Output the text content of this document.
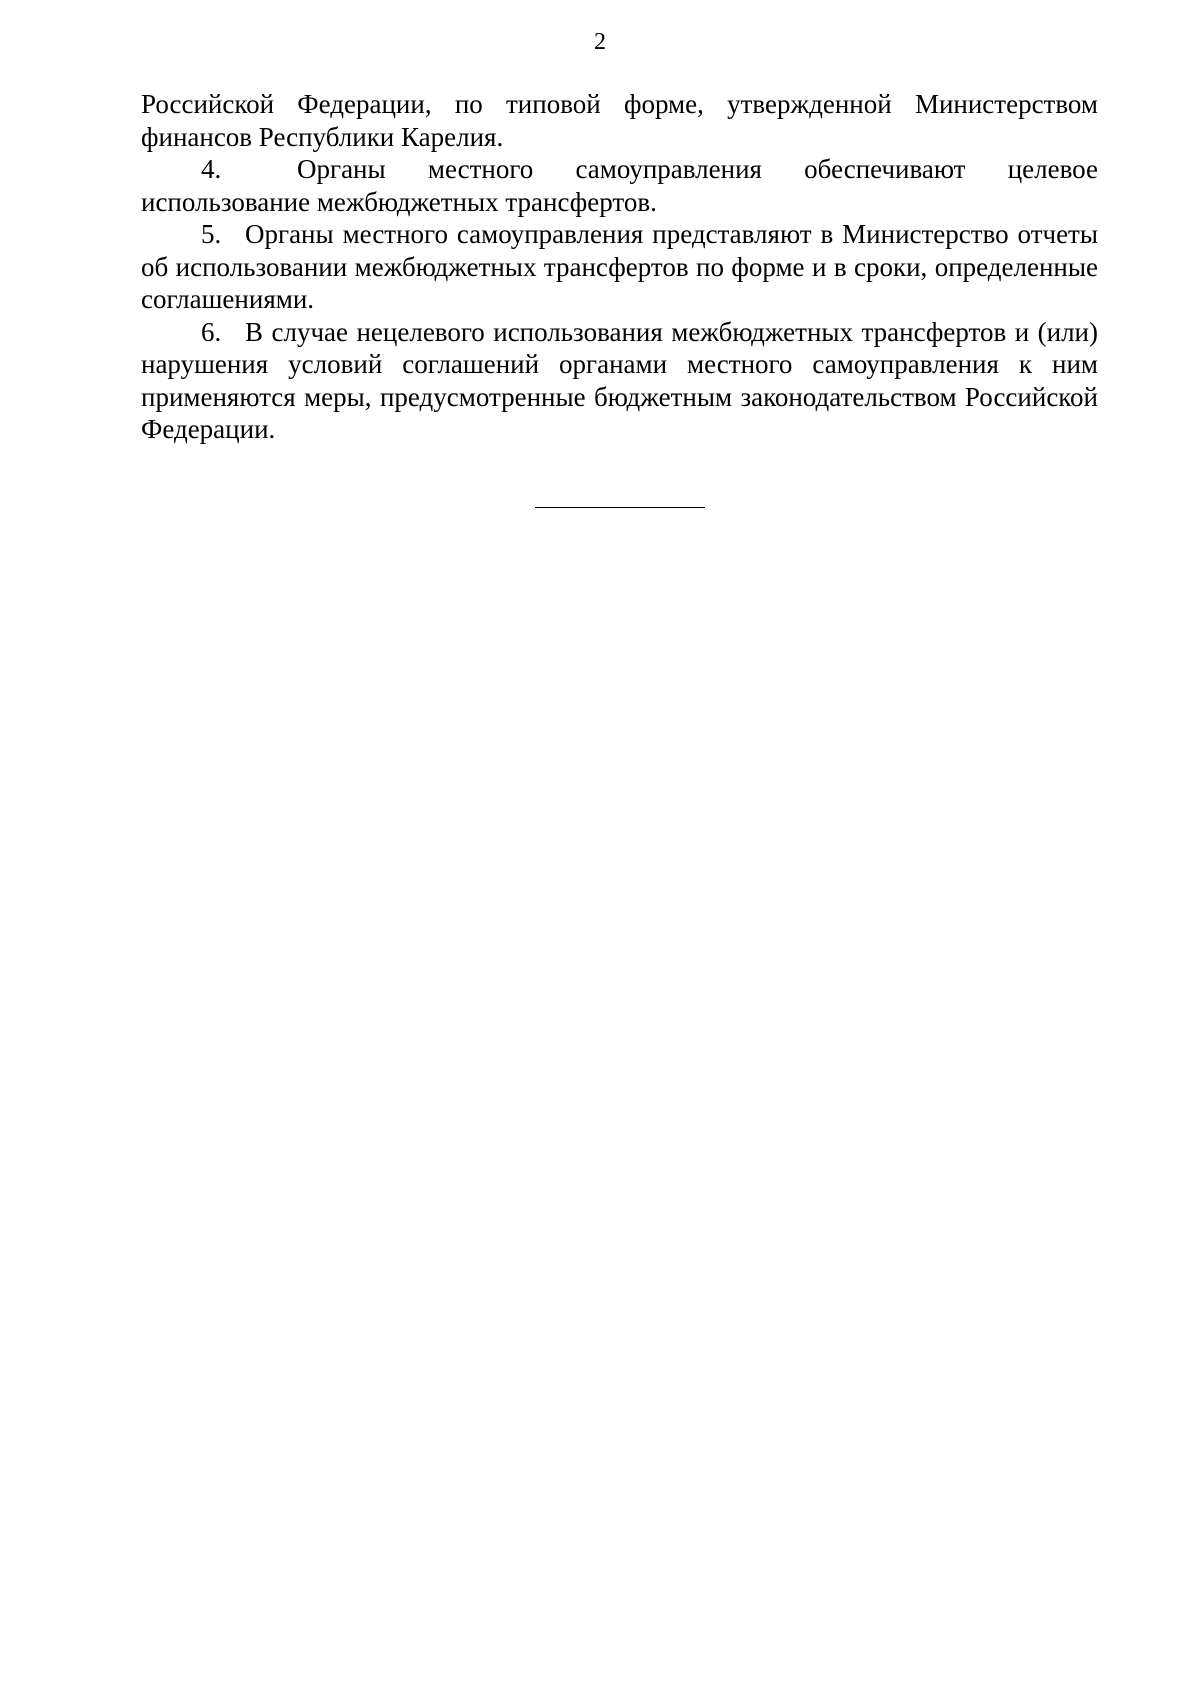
2

Российской Федерации, по типовой форме, утвержденной Министерством финансов Республики Карелия.

4.	Органы местного самоуправления обеспечивают целевое использование межбюджетных трансфертов.

5. Органы местного самоуправления представляют в Министерство отчеты об использовании межбюджетных трансфертов по форме и в сроки, определенные соглашениями.

6. В случае нецелевого использования межбюджетных трансфертов и (или) нарушения условий соглашений органами местного самоуправления к ним применяются меры, предусмотренные бюджетным законодательством Российской Федерации.
